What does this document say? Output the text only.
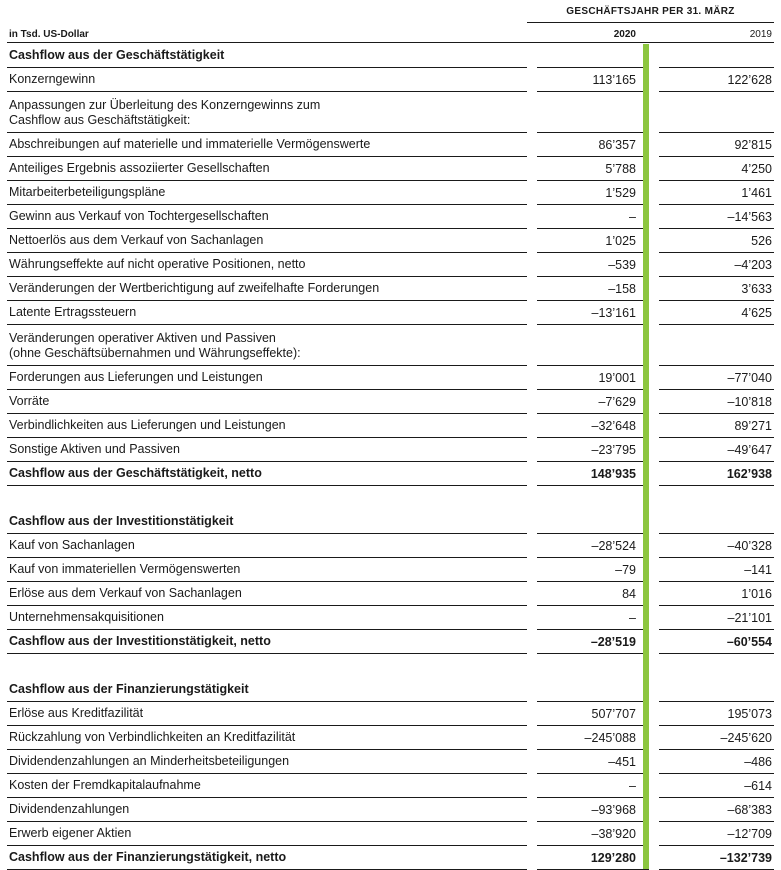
GESCHÄFTSJAHR PER 31. MÄRZ
in Tsd. US-Dollar	2020	2019
Cashflow aus der Geschäftstätigkeit
Konzerngewinn	113’165	122’628
Anpassungen zur Überleitung des Konzerngewinns zum
Cashflow aus Geschäftstätigkeit:
Abschreibungen auf materielle und immaterielle Vermögenswerte	86’357	92’815
Anteiliges Ergebnis assoziierter Gesellschaften	5’788	4’250
Mitarbeiterbeteiligungspläne	1’529	1’461
Gewinn aus Verkauf von Tochtergesellschaften	–	–14’563
Nettoerlös aus dem Verkauf von Sachanlagen	1’025	526
Währungseffekte auf nicht operative Positionen, netto	–539	–4’203
Veränderungen der Wertberichtigung auf zweifelhafte Forderungen	–158	3’633
Latente Ertragssteuern	–13’161	4’625
Veränderungen operativer Aktiven und Passiven
(ohne Geschäftsübernahmen und Währungseffekte):
Forderungen aus Lieferungen und Leistungen	19’001	–77’040
Vorräte	–7’629	–10’818
Verbindlichkeiten aus Lieferungen und Leistungen	–32’648	89’271
Sonstige Aktiven und Passiven	–23’795	–49’647
Cashflow aus der Geschäftstätigkeit, netto	148’935	162’938
Cashflow aus der Investitionstätigkeit
Kauf von Sachanlagen	–28’524	–40’328
Kauf von immateriellen Vermögenswerten	–79	–141
Erlöse aus dem Verkauf von Sachanlagen	84	1’016
Unternehmensakquisitionen	–	–21’101
Cashflow aus der Investitionstätigkeit, netto	–28’519	–60’554
Cashflow aus der Finanzierungstätigkeit
Erlöse aus Kreditfazilität	507’707	195’073
Rückzahlung von Verbindlichkeiten an Kreditfazilität	–245’088	–245’620
Dividendenzahlungen an Minderheitsbeteiligungen	–451	–486
Kosten der Fremdkapitalaufnahme	–	–614
Dividendenzahlungen	–93’968	–68’383
Erwerb eigener Aktien	–38’920	–12’709
Cashflow aus der Finanzierungstätigkeit, netto	129’280	–132’739
